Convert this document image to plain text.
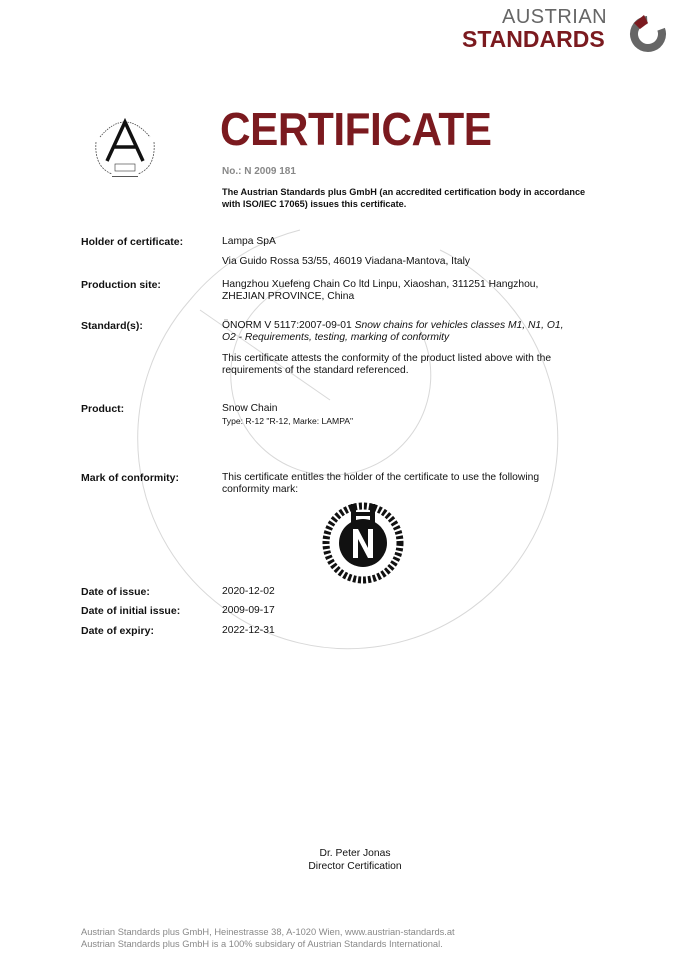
AUSTRIAN
STANDARDS
CERTIFICATE
No.: N 2009 181
The Austrian Standards plus GmbH (an accredited certification body in accordance with ISO/IEC 17065) issues this certificate.
Holder of certificate:	Lampa SpA
Via Guido Rossa 53/55, 46019 Viadana-Mantova, Italy
Production site:	Hangzhou Xuefeng Chain Co ltd Linpu, Xiaoshan, 311251 Hangzhou,
ZHEJIAN PROVINCE, China
Standard(s):	ÖNORM V 5117:2007-09-01 Snow chains for vehicles classes M1, N1, O1,
O2 - Requirements, testing, marking of conformity
This certificate attests the conformity of the product listed above with the
requirements of the standard referenced.
Product:	Snow Chain
Type: R-12 "R-12, Marke: LAMPA"
Mark of conformity:	This certificate entitles the holder of the certificate to use the following
conformity mark:
Date of issue:	2020-12-02
Date of initial issue:	2009-09-17
Date of expiry:	2022-12-31
Dr. Peter Jonas
Director Certification
Austrian Standards plus GmbH, Heinestrasse 38, A-1020 Wien, www.austrian-standards.at
Austrian Standards plus GmbH is a 100% subsidary of Austrian Standards International.
